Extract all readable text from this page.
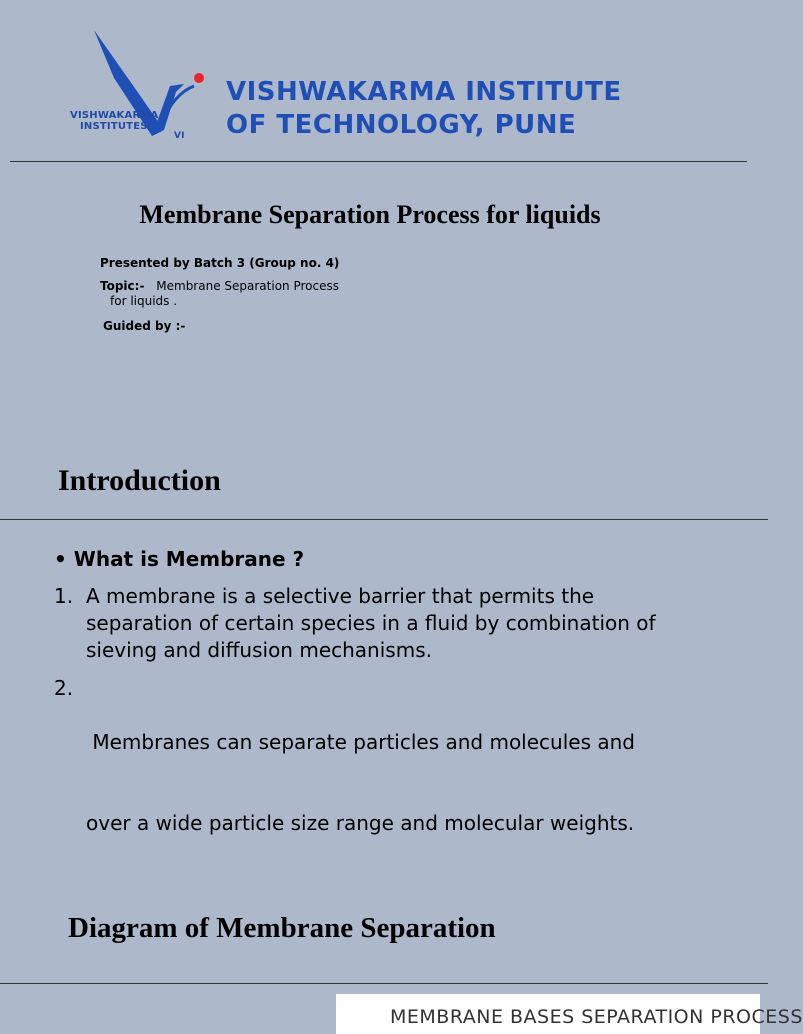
VISHWAKARMA
INSTITUTES
VI
VISHWAKARMA INSTITUTE
OF TECHNOLOGY, PUNE
Membrane Separation Process for liquids
Presented by Batch 3 (Group no. 4)
Topic:- Membrane Separation Process
for liquids .
Guided by :-
Introduction
• What is Membrane ?
1. A membrane is a selective barrier that permits the
separation of certain species in a fluid by combination of
sieving and diffusion mechanisms.
2.

Membranes can separate particles and molecules and

over a wide particle size range and molecular weights.

Diagram of Membrane Separation
MEMBRANE BASES SEPARATION PROCESS
